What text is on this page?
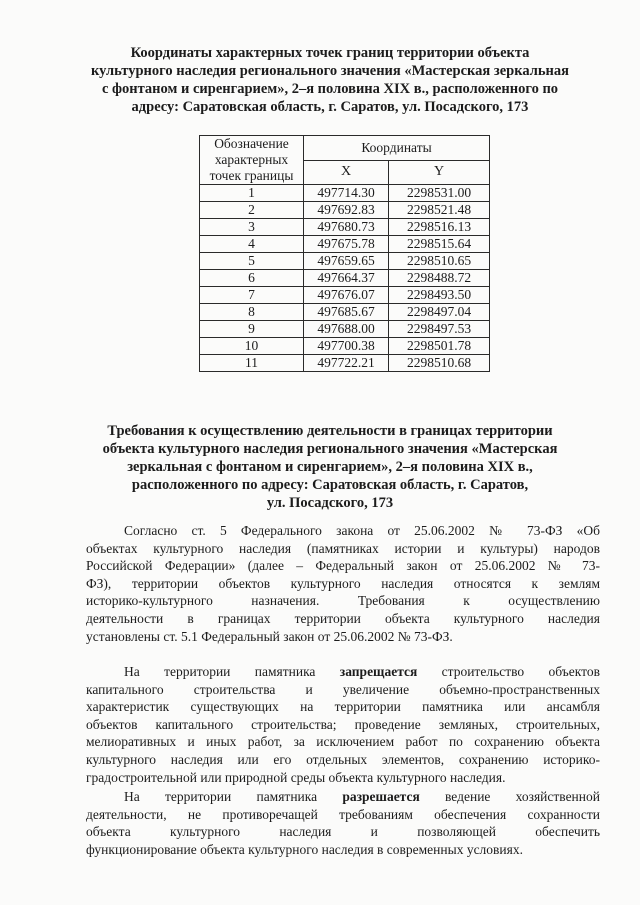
Координаты характерных точек границ территории объекта
культурного наследия регионального значения «Мастерская зеркальная
с фонтаном и сиренгарием», 2–я половина XIX в., расположенного по
адресу: Саратовская область, г. Саратов, ул. Посадского, 173
Обозначение
характерных
точек границы	Координаты	
	X	Y
1	497714.30	2298531.00
2	497692.83	2298521.48
3	497680.73	2298516.13
4	497675.78	2298515.64
5	497659.65	2298510.65
6	497664.37	2298488.72
7	497676.07	2298493.50
8	497685.67	2298497.04
9	497688.00	2298497.53
10	497700.38	2298501.78
11	497722.21	2298510.68
Требования к осуществлению деятельности в границах территории
объекта культурного наследия регионального значения «Мастерская
зеркальная с фонтаном и сиренгарием», 2–я половина XIX в.,
расположенного по адресу: Саратовская область, г. Саратов,
ул. Посадского, 173
Согласно ст. 5 Федерального закона от 25.06.2002 № 73-ФЗ «Об
объектах культурного наследия (памятниках истории и культуры) народов
Российской Федерации» (далее – Федеральный закон от 25.06.2002 № 73-
ФЗ), территории объектов культурного наследия относятся к землям
историко-культурного назначения. Требования к осуществлению
деятельности в границах территории объекта культурного наследия
установлены ст. 5.1 Федеральный закон от 25.06.2002 № 73-ФЗ.
На территории памятника запрещается строительство объектов
капитального строительства и увеличение объемно-пространственных
характеристик существующих на территории памятника или ансамбля
объектов капитального строительства; проведение земляных, строительных,
мелиоративных и иных работ, за исключением работ по сохранению объекта
культурного наследия или его отдельных элементов, сохранению историко-
градостроительной или природной среды объекта культурного наследия.
На территории памятника разрешается ведение хозяйственной
деятельности, не противоречащей требованиям обеспечения сохранности
объекта культурного наследия и позволяющей обеспечить
функционирование объекта культурного наследия в современных условиях.
